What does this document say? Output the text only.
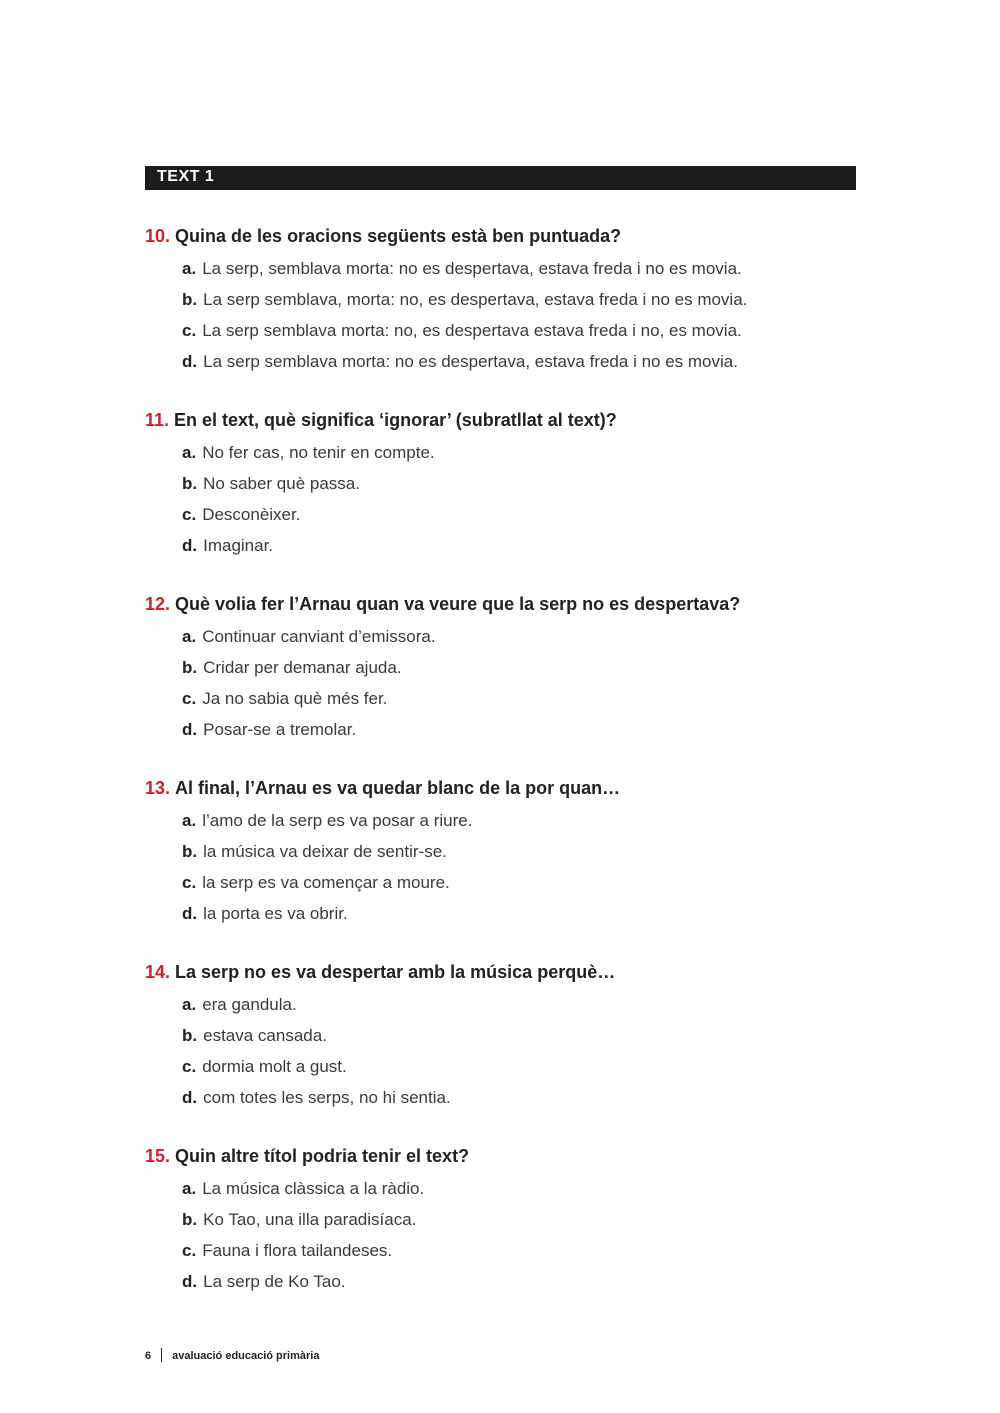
TEXT 1
10. Quina de les oracions següents està ben puntuada?
a. La serp, semblava morta: no es despertava, estava freda i no es movia.
b. La serp semblava, morta: no, es despertava, estava freda i no es movia.
c. La serp semblava morta: no, es despertava estava freda i no, es movia.
d. La serp semblava morta: no es despertava, estava freda i no es movia.
11. En el text, què significa ‘ignorar’ (subratllat al text)?
a. No fer cas, no tenir en compte.
b. No saber què passa.
c. Desconèixer.
d. Imaginar.
12. Què volia fer l’Arnau quan va veure que la serp no es despertava?
a. Continuar canviant d’emissora.
b. Cridar per demanar ajuda.
c. Ja no sabia què més fer.
d. Posar-se a tremolar.
13. Al final, l’Arnau es va quedar blanc de la por quan…
a. l’amo de la serp es va posar a riure.
b. la música va deixar de sentir-se.
c. la serp es va començar a moure.
d. la porta es va obrir.
14. La serp no es va despertar amb la música perquè…
a. era gandula.
b. estava cansada.
c. dormia molt a gust.
d. com totes les serps, no hi sentia.
15. Quin altre títol podria tenir el text?
a. La música clàssica a la ràdio.
b. Ko Tao, una illa paradisíaca.
c. Fauna i flora tailandeses.
d. La serp de Ko Tao.
6 avaluació educació primària
